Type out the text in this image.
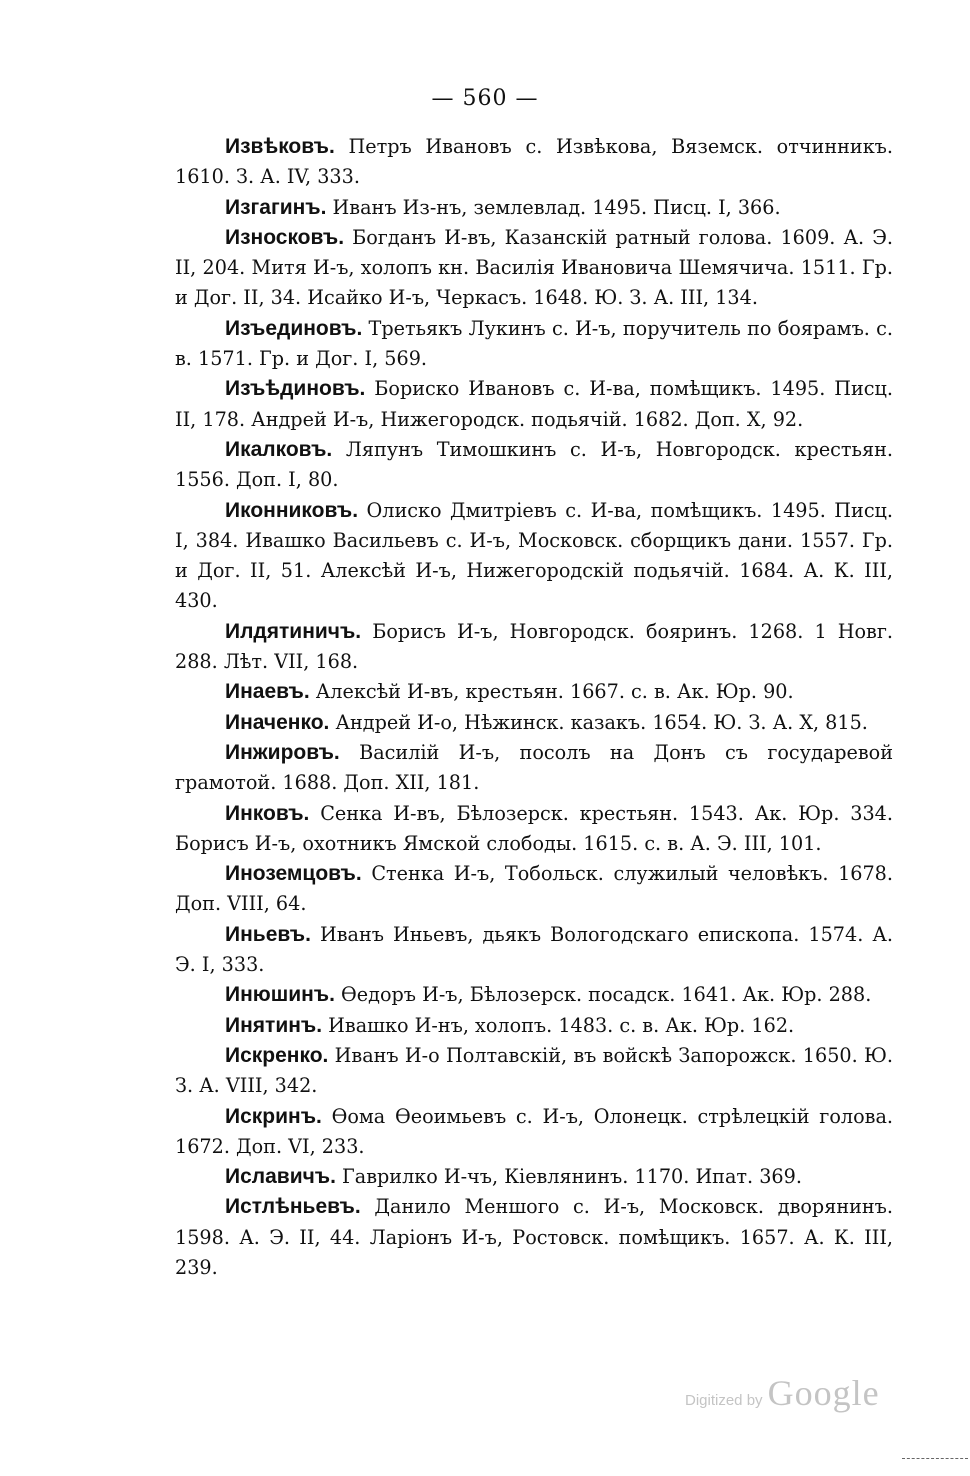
— 560 —

Извѣковъ. Петръ Ивановъ с. Извѣкова, Вяземск. отчинникъ. 1610. З. А. IV, 333.

Изгагинъ. Иванъ Из-нъ, землевлад. 1495. Писц. I, 366.

Износковъ. Богданъ И-въ, Казанскій ратный голова. 1609. А. Э. II, 204. Митя И-ъ, холопъ кн. Василія Ивановича Шемячича. 1511. Гр. и Дог. II, 34. Исайко И-ъ, Черкасъ. 1648. Ю. З. А. III, 134.

Изъединовъ. Третьякъ Лукинъ с. И-ъ, поручитель по боярамъ. с. в. 1571. Гр. и Дог. I, 569.

Изъѣдиновъ. Бориско Ивановъ с. И-ва, помѣщикъ. 1495. Писц. II, 178. Андрей И-ъ, Нижегородск. подьячій. 1682. Доп. X, 92.

Икалковъ. Ляпунъ Тимошкинъ с. И-ъ, Новгородск. крестьян. 1556. Доп. I, 80.

Иконниковъ. Олиско Дмитріевъ с. И-ва, помѣщикъ. 1495. Писц. I, 384. Ивашко Васильевъ с. И-ъ, Московск. сборщикъ дани. 1557. Гр. и Дог. II, 51. Алексѣй И-ъ, Нижегородскій подьячій. 1684. А. К. III, 430.

Илдятиничъ. Борисъ И-ъ, Новгородск. бояринъ. 1268. 1 Новг. 288. Лѣт. VII, 168.

Инаевъ. Алексѣй И-въ, крестьян. 1667. с. в. Ак. Юр. 90.

Иначенко. Андрей И-о, Нѣжинск. казакъ. 1654. Ю. З. А. X, 815.

Инжировъ. Василій И-ъ, посолъ на Донъ съ государевой грамотой. 1688. Доп. XII, 181.

Инковъ. Сенка И-въ, Бѣлозерск. крестьян. 1543. Ак. Юр. 334. Борисъ И-ъ, охотникъ Ямской слободы. 1615. с. в. А. Э. III, 101.

Иноземцовъ. Стенка И-ъ, Тобольск. служилый человѣкъ. 1678. Доп. VIII, 64.

Иньевъ. Иванъ Иньевъ, дьякъ Вологодскаго епископа. 1574. А. Э. I, 333.

Инюшинъ. Ѳедоръ И-ъ, Бѣлозерск. посадск. 1641. Ак. Юр. 288.

Инятинъ. Ивашко И-нъ, холопъ. 1483. с. в. Ак. Юр. 162.

Искренко. Иванъ И-о Полтавскій, въ войскѣ Запорожск. 1650. Ю. З. А. VIII, 342.

Искринъ. Ѳома Ѳеоимьевъ с. И-ъ, Олонецк. стрѣлецкій голова. 1672. Доп. VI, 233.

Иславичъ. Гаврилко И-чъ, Кіевлянинъ. 1170. Ипат. 369.

Истлѣньевъ. Данило Меншого с. И-ъ, Московск. дворянинъ. 1598. А. Э. II, 44. Ларіонъ И-ъ, Ростовск. помѣщикъ. 1657. А. К. III, 239.

Digitized by Google
